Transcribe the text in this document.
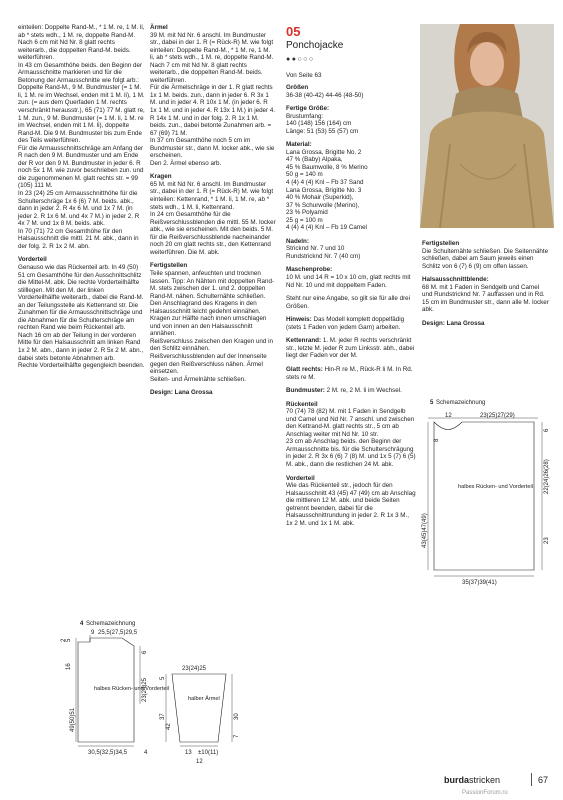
einteilen: Doppelte Rand-M., * 1 M. re, 1 M. li, ab * stets wdh., 1 M. re, doppelte Rand-M.

Nach 6 cm mit Nd Nr. 8 glatt rechts weiterarb., die doppelten Rand-M. beids. weiterführen.

In 43 cm Gesamthöhe beids. den Beginn der Armausschnitte markieren und für die Betonung der Armausschnitte wie folgt arb.: Doppelte Rand-M., 9 M. Bundmuster (= 1 M. li, 1 M. re im Wechsel, enden mit 1 M. li), 1 M. zun. (= aus dem Querfaden 1 M. rechts verschränkt herausstr.), 65 (71) 77 M. glatt re, 1 M. zun., 9 M. Bundmuster (= 1 M. li, 1 M. re im Wechsel, enden mit 1 M. li), doppelte Rand-M. Die 9 M. Bundmuster bis zum Ende des Teils weiterführen.

Für die Armausschnittschräge am Anfang der R nach den 9 M. Bundmuster und am Ende der R vor den 9 M. Bundmuster in jeder 6. R noch 5x 1 M. wie zuvor beschrieben zun. und die zugenommenen M. glatt rechts str. = 99 (105) 111 M.

In 23 (24) 25 cm Armausschnitthöhe für die Schulterschräge 1x 6 (6) 7 M. beids. abk., dann in jeder 2. R 4x 6 M. und 1x 7 M. (in jeder 2. R 1x 6 M. und 4x 7 M.) in jeder 2. R 4x 7 M. und 1x 8 M. beids. abk.

In 70 (71) 72 cm Gesamthöhe für den Halsausschnitt die mittl. 21 M. abk., dann in der folg. 2. R 1x 2 M. abn.

Vorderteil

Genauso wie das Rückenteil arb. In 49 (50) 51 cm Gesamthöhe für den Ausschnittschlitz die Mittel-M. abk. Die rechte Vorderteilhälfte stilllegen. Mit den M. der linken Vorderteilhälfte weiterarb., dabei die Rand-M. an der Teilungsstelle als Kettenrand str. Die Zunahmen für die Armausschnittschräge und die Abnahmen für die Schulterschräge am rechten Rand wie beim Rückenteil arb.

Nach 16 cm ab der Teilung in der vorderen Mitte für den Halsausschnitt am linken Rand 1x 2 M. abn., dann in jeder 2. R 5x 2 M. abn., dabei stets betonte Abnahmen arb.

Rechte Vorderteilhälfte gegengleich beenden.

Ärmel

39 M. mit Nd Nr. 6 anschl. Im Bundmuster str., dabei in der 1. R (= Rück-R) M. wie folgt einteilen: Doppelte Rand-M., * 1 M. re, 1 M. li, ab * stets wdh., 1 M. re, doppelte Rand-M.

Nach 7 cm mit Nd Nr. 8 glatt rechts weiterarb., die doppelten Rand-M. beids. weiterführen.

Für die Ärmelschräge in der 1. R glatt rechts 1x 1 M. beids. zun., dann in jeder 6. R 3x 1 M. und in jeder 4. R 10x 1 M. (in jeder 6. R 1x 1 M. und in jeder 4. R 13x 1 M.) in jeder 4. R 14x 1 M. und in der folg. 2. R 1x 1 M. beids. zun., dabei betonte Zunahmen arb. = 67 (69) 71 M.

In 37 cm Gesamthöhe noch 5 cm im Bundmuster str., dann M. locker abk., wie sie erscheinen.

Den 2. Ärmel ebenso arb.

Kragen

65 M. mit Nd Nr. 6 anschl. Im Bundmuster str., dabei in der 1. R (= Rück-R) M. wie folgt einteilen: Kettenrand, * 1 M. li, 1 M. re, ab * stets wdh., 1 M. li, Kettenrand.

In 24 cm Gesamthöhe für die Reißverschlussblenden die mittl. 55 M. locker abk., wie sie erscheinen. Mit den beids. 5 M. für die Reißverschlussblende nacheinander noch 20 cm glatt rechts str., den Kettenrand weiterführen. Die M. abk.

Fertigstellen

Teile spannen, anfeuchten und trocknen lassen. Tipp: An Nähten mit doppelten Rand-M. stets zwischen der 1. und 2. doppelten Rand-M. nähen. Schulternähte schließen. Den Anschlagrand des Kragens in den Halsausschnitt leicht gedehnt einnähen. Kragen zur Hälfte nach innen umschlagen und von innen an den Halsausschnitt annähen.

Reißverschluss zwischen den Kragen und in den Schlitz einnähen. Reißverschlussblenden auf der Innenseite gegen den Reißverschluss nähen. Ärmel einsetzen.

Seiten- und Ärmelnähte schließen.

Design: Lana Grossa

05
Ponchojacke
●●○○○
Von Seite 63

Größen

36-38 (40-42) 44-46 (48-50)

Fertige Größe:

Brustumfang:

140 (148) 156 (164) cm

Länge: 51 (53) 55 (57) cm

Material:

Lana Grossa, Brigitte No. 2

47 % (Baby) Alpaka,

45 % Baumwolle, 8 % Merino

50 g = 140 m

4 (4) 4 (4) Knl – Fb 37 Sand

Lana Grossa, Brigitte No. 3

40 % Mohair (Superkid),

37 % Schurwolle (Merino),

23 % Polyamid

25 g = 100 m

4 (4) 4 (4) Knl – Fb 19 Camel

Nadeln:

Stricknd Nr. 7 und 10

Rundstricknd Nr. 7 (40 cm)

Maschenprobe:

10 M. und 14 R = 10 x 10 cm, glatt rechts mit Nd Nr. 10 und mit doppeltem Faden.

Steht nur eine Angabe, so gilt sie für alle drei Größen.

Hinweis: Das Modell komplett doppelfädig (stets 1 Faden von jedem Garn) arbeiten.

Kettenrand: 1. M. jeder R rechts verschränkt str., letzte M. jeder R zum Linksstr. abh., dabei liegt der Faden vor der M.

Glatt rechts: Hin-R re M., Rück-R li M. In Rd. stets re M.

Bundmuster: 2 M. re, 2 M. li im Wechsel.

Rückenteil

70 (74) 78 (82) M. mit 1 Faden in Sendgelb und Camel und Nd Nr. 7 anschl. und zwischen den Kettrand-M. glatt rechts str., 5 cm ab Anschlag weiter mit Nd Nr. 10 str.

23 cm ab Anschlag beids. den Beginn der Armausschnitte bis. für die Schulterschrägung in jeder 2. R 3x 6 (6) 7 (8) M. und 1x 5 (7) 6 (5) M. abk., dann die restlichen 24 M. abk.

Vorderteil

Wie das Rückenteil str., jedoch für den Halsausschnitt 43 (45) 47 (49) cm ab Anschlag die mittleren 12 M. abk. und beide Seiten getrennt beenden, dabei für die Halsausschnittrundung in jeder 2. R 1x 3 M., 1x 2 M. und 1x 1 M. abk.

Fertigstellen

Die Schulternähte schließen. Die Seitennähte schließen, dabei am Saum jeweils einen Schlitz von 6 (7) 6 (9) cm offen lassen.

Halsausschnittblende:

68 M. mit 1 Faden in Sendgelb und Camel und Rundstricknd Nr. 7 auffassen und in Rd. 15 cm im Bundmuster str., dann alle M. locker abk.

Design: Lana Grossa

4 Schemazeichnung
9 25,5(27,5)29,5
2 5
16
49(50)51
6
23(24)25
halbes Rücken- und Vorderteil
30,5(32,5)34,5	4
23(24)25
halber Ärmel
5
37
42
30
7
13 ±10(11)
12
5 Schemazeichnung
12	23(25)27(29)
8
43(45)47(49)
6
22(24)26(28)
23
halbes Rücken- und Vorderteil
35(37)39(41)
burdastricken	67
PassionForum.ru
